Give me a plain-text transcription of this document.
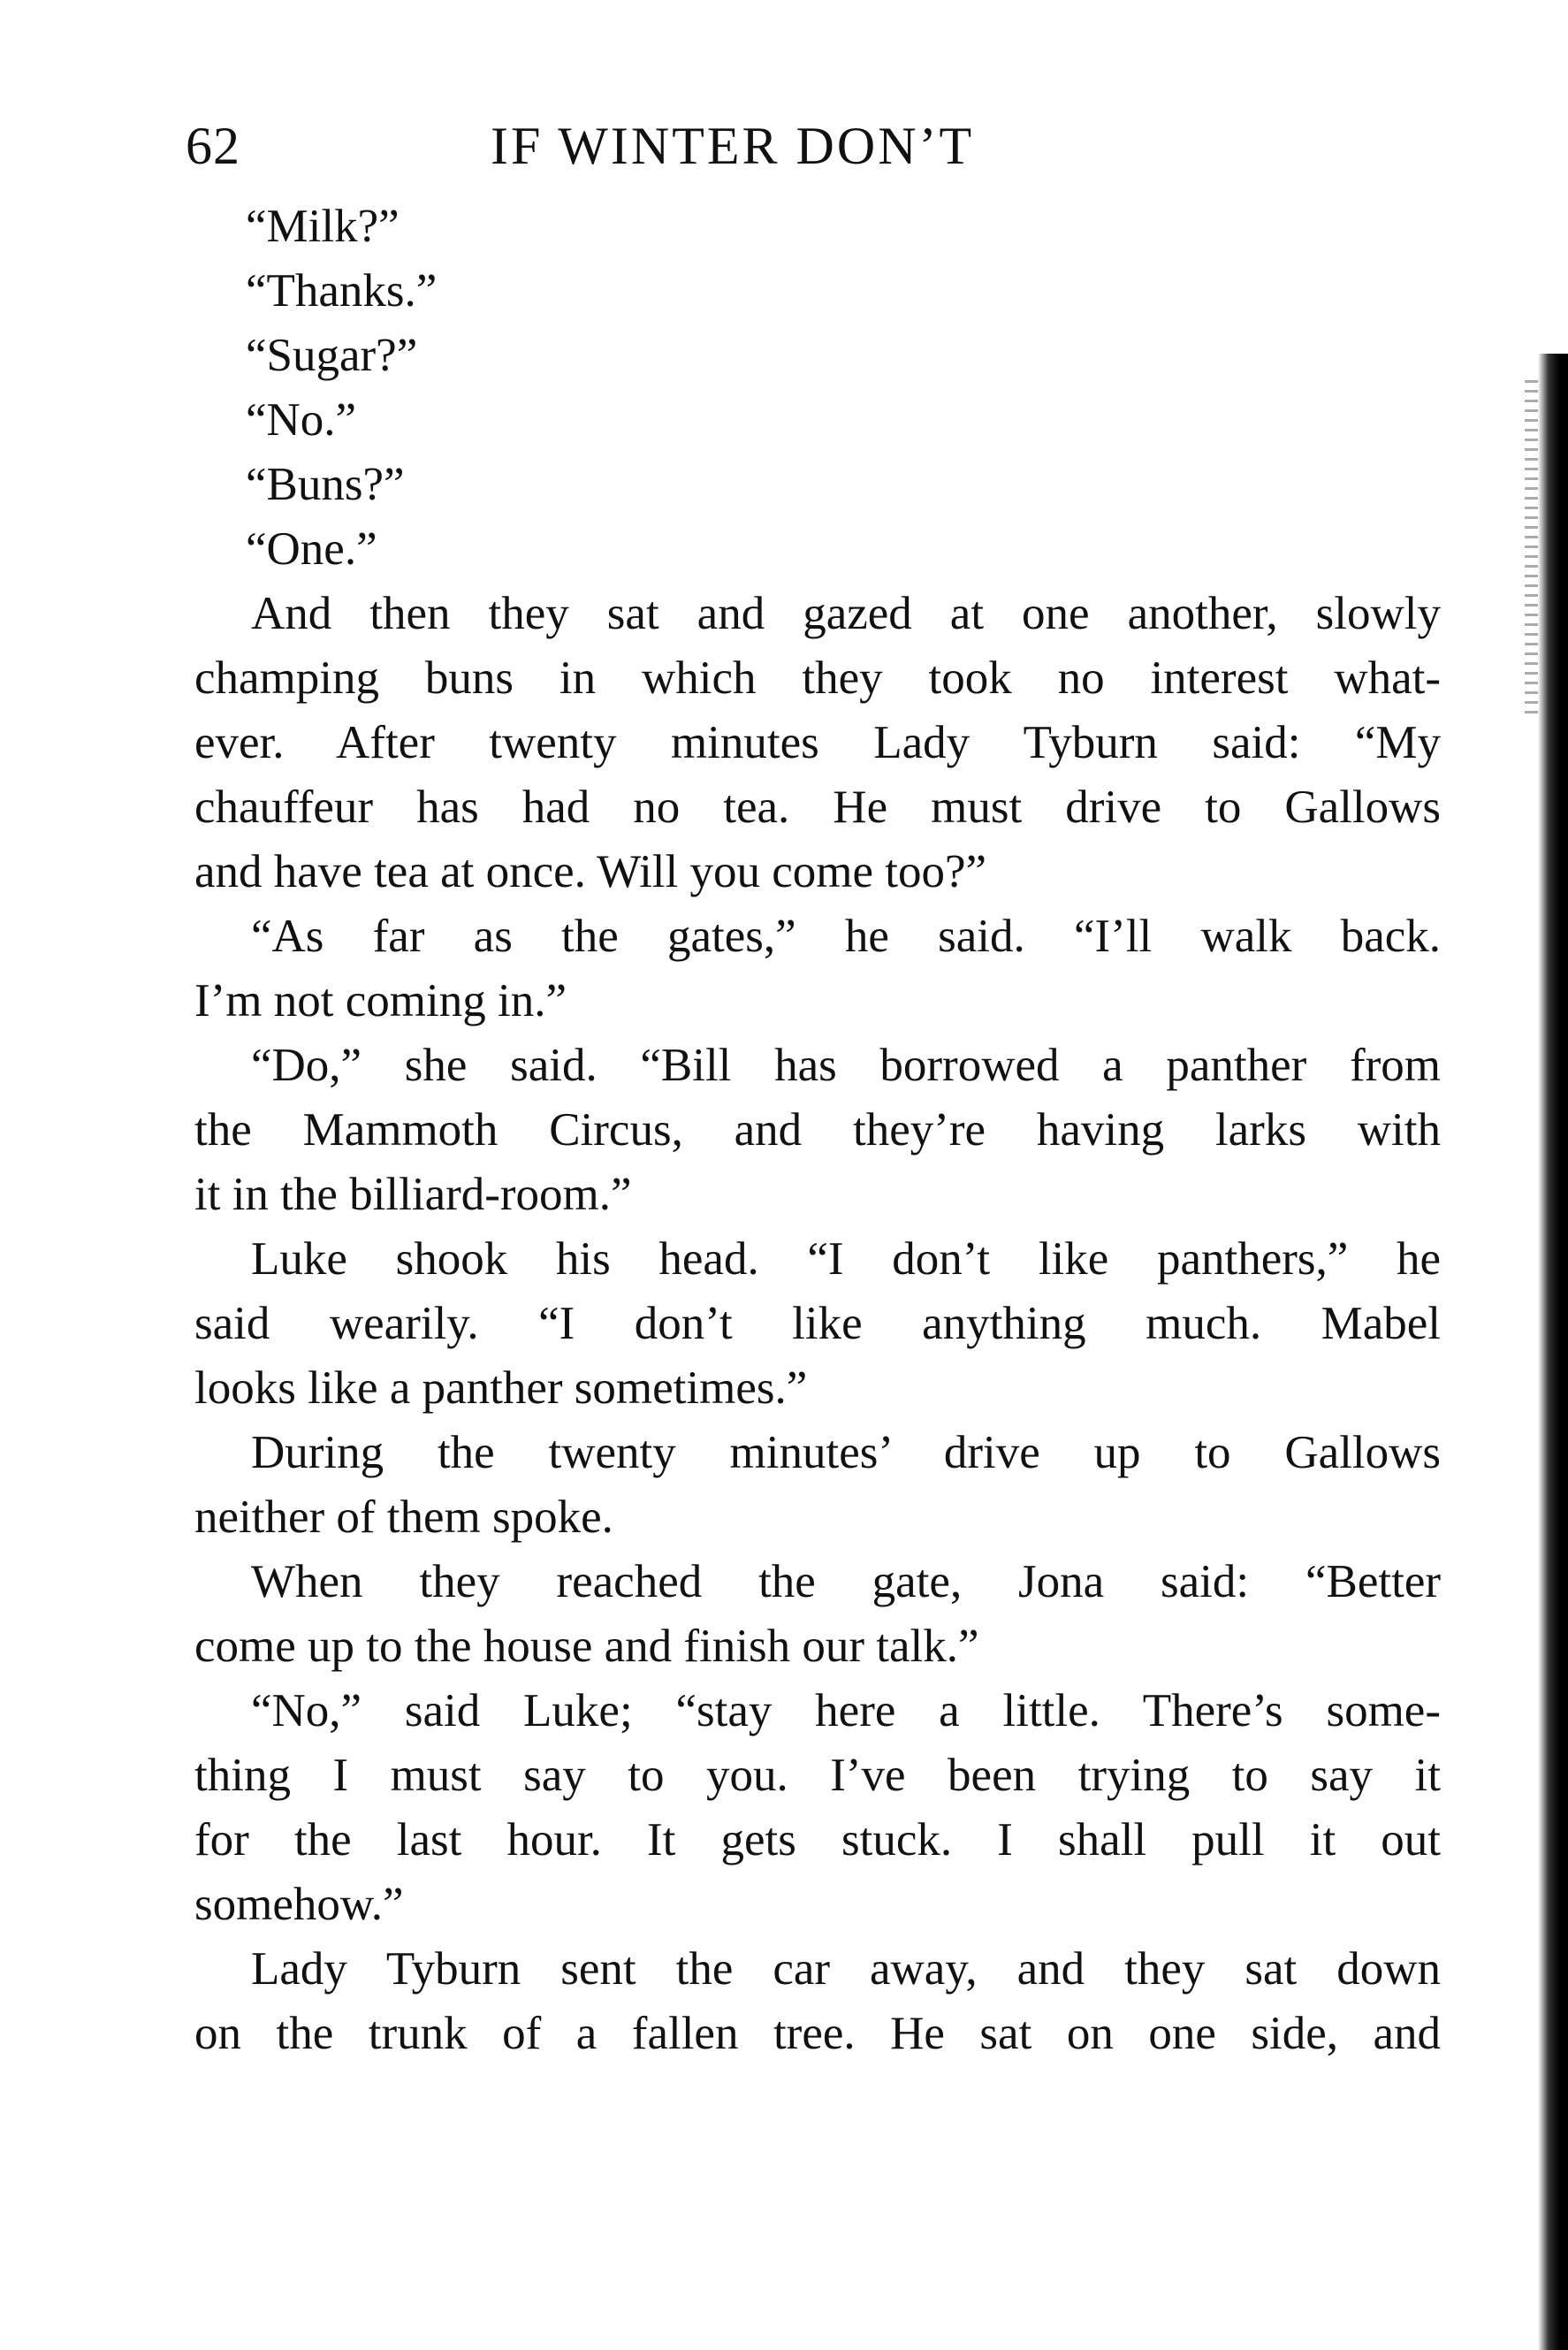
62	IF WINTER DON’T
“Milk?”
“Thanks.”
“Sugar?”
“No.”
“Buns?”
“One.”
And then they sat and gazed at one another, slowly
champing buns in which they took no interest what-
ever. After twenty minutes Lady Tyburn said: “My
chauffeur has had no tea. He must drive to Gallows
and have tea at once. Will you come too?”
“As far as the gates,” he said. “I’ll walk back.
I’m not coming in.”
“Do,” she said. “Bill has borrowed a panther from
the Mammoth Circus, and they’re having larks with
it in the billiard-room.”
Luke shook his head. “I don’t like panthers,” he
said wearily. “I don’t like anything much. Mabel
looks like a panther sometimes.”
During the twenty minutes’ drive up to Gallows
neither of them spoke.
When they reached the gate, Jona said: “Better
come up to the house and finish our talk.”
“No,” said Luke; “stay here a little. There’s some-
thing I must say to you. I’ve been trying to say it
for the last hour. It gets stuck. I shall pull it out
somehow.”
Lady Tyburn sent the car away, and they sat down
on the trunk of a fallen tree. He sat on one side, and
